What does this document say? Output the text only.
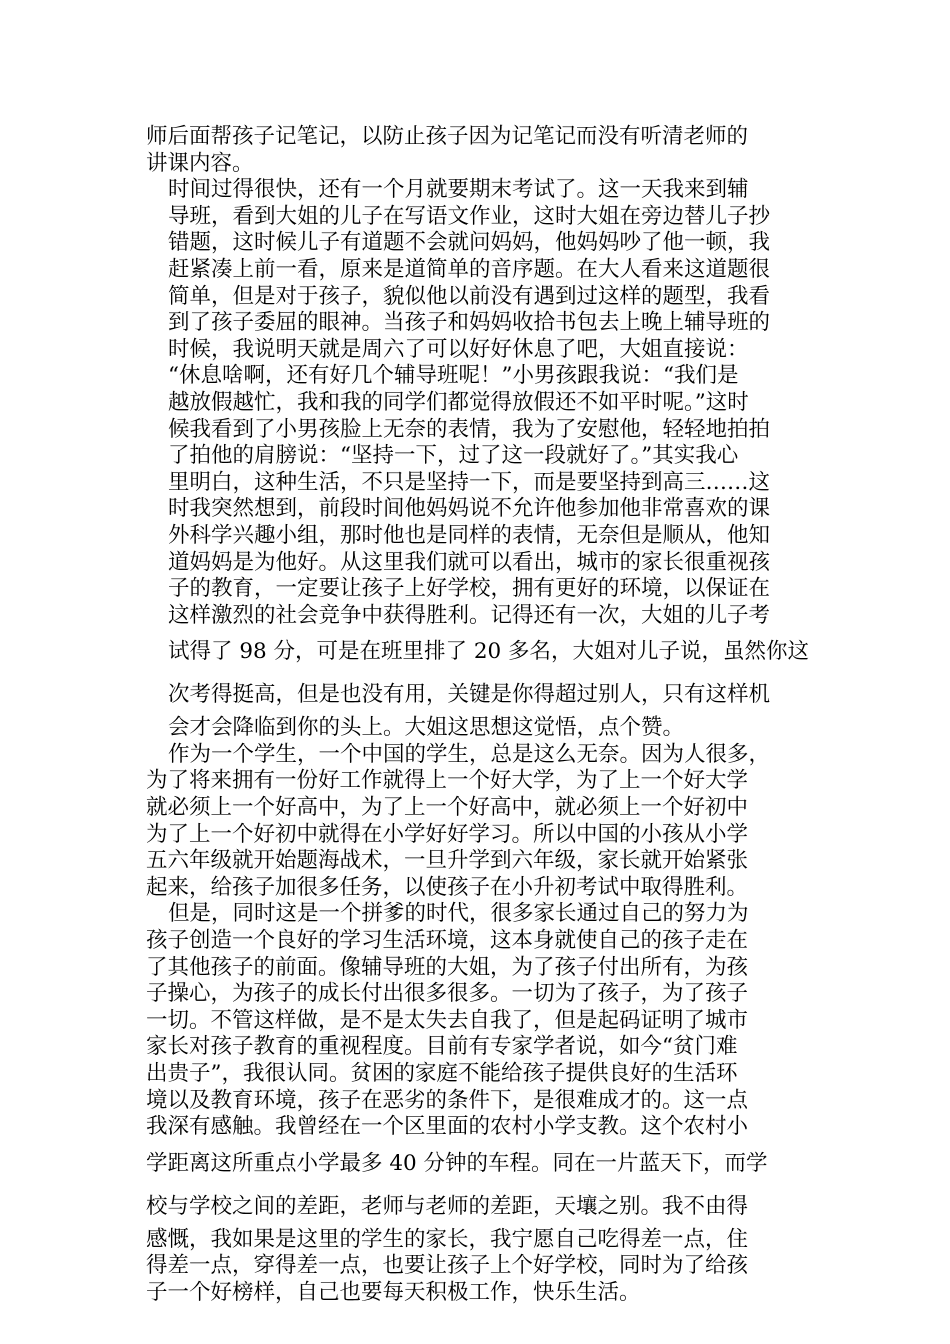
师后面帮孩子记笔记，以防止孩子因为记笔记而没有听清老师的
讲课内容。

时间过得很快，还有一个月就要期末考试了。这一天我来到辅
导班，看到大姐的儿子在写语文作业，这时大姐在旁边替儿子抄
错题，这时候儿子有道题不会就问妈妈，他妈妈吵了他一顿，我
赶紧凑上前一看，原来是道简单的音序题。在大人看来这道题很
简单，但是对于孩子，貌似他以前没有遇到过这样的题型，我看
到了孩子委屈的眼神。当孩子和妈妈收拾书包去上晚上辅导班的
时候，我说明天就是周六了可以好好休息了吧，大姐直接说：
“休息啥啊，还有好几个辅导班呢！”小男孩跟我说：“我们是
越放假越忙，我和我的同学们都觉得放假还不如平时呢。”这时
候我看到了小男孩脸上无奈的表情，我为了安慰他，轻轻地拍拍
了拍他的肩膀说：“坚持一下，过了这一段就好了。”其实我心
里明白，这种生活，不只是坚持一下，而是要坚持到高三……这
时我突然想到，前段时间他妈妈说不允许他参加他非常喜欢的课
外科学兴趣小组，那时他也是同样的表情，无奈但是顺从，他知
道妈妈是为他好。从这里我们就可以看出，城市的家长很重视孩
子的教育，一定要让孩子上好学校，拥有更好的环境，以保证在
这样激烈的社会竞争中获得胜利。记得还有一次，大姐的儿子考
试得了 98 分，可是在班里排了 20 多名，大姐对儿子说，虽然你这
次考得挺高，但是也没有用，关键是你得超过别人，只有这样机
会才会降临到你的头上。大姐这思想这觉悟，点个赞。

作为一个学生，一个中国的学生，总是这么无奈。因为人很多，
为了将来拥有一份好工作就得上一个好大学，为了上一个好大学
就必须上一个好高中，为了上一个好高中，就必须上一个好初中
为了上一个好初中就得在小学好好学习。所以中国的小孩从小学
五六年级就开始题海战术，一旦升学到六年级，家长就开始紧张
起来，给孩子加很多任务，以使孩子在小升初考试中取得胜利。

但是，同时这是一个拼爹的时代，很多家长通过自己的努力为
孩子创造一个良好的学习生活环境，这本身就使自己的孩子走在
了其他孩子的前面。像辅导班的大姐，为了孩子付出所有，为孩
子操心，为孩子的成长付出很多很多。一切为了孩子，为了孩子
一切。不管这样做，是不是太失去自我了，但是起码证明了城市
家长对孩子教育的重视程度。目前有专家学者说，如今“贫门难
出贵子”，我很认同。贫困的家庭不能给孩子提供良好的生活环
境以及教育环境，孩子在恶劣的条件下，是很难成才的。这一点
我深有感触。我曾经在一个区里面的农村小学支教。这个农村小
学距离这所重点小学最多 40 分钟的车程。同在一片蓝天下，而学
校与学校之间的差距，老师与老师的差距，天壤之别。我不由得
感慨，我如果是这里的学生的家长，我宁愿自己吃得差一点，住
得差一点，穿得差一点，也要让孩子上个好学校，同时为了给孩
子一个好榜样，自己也要每天积极工作，快乐生活。
